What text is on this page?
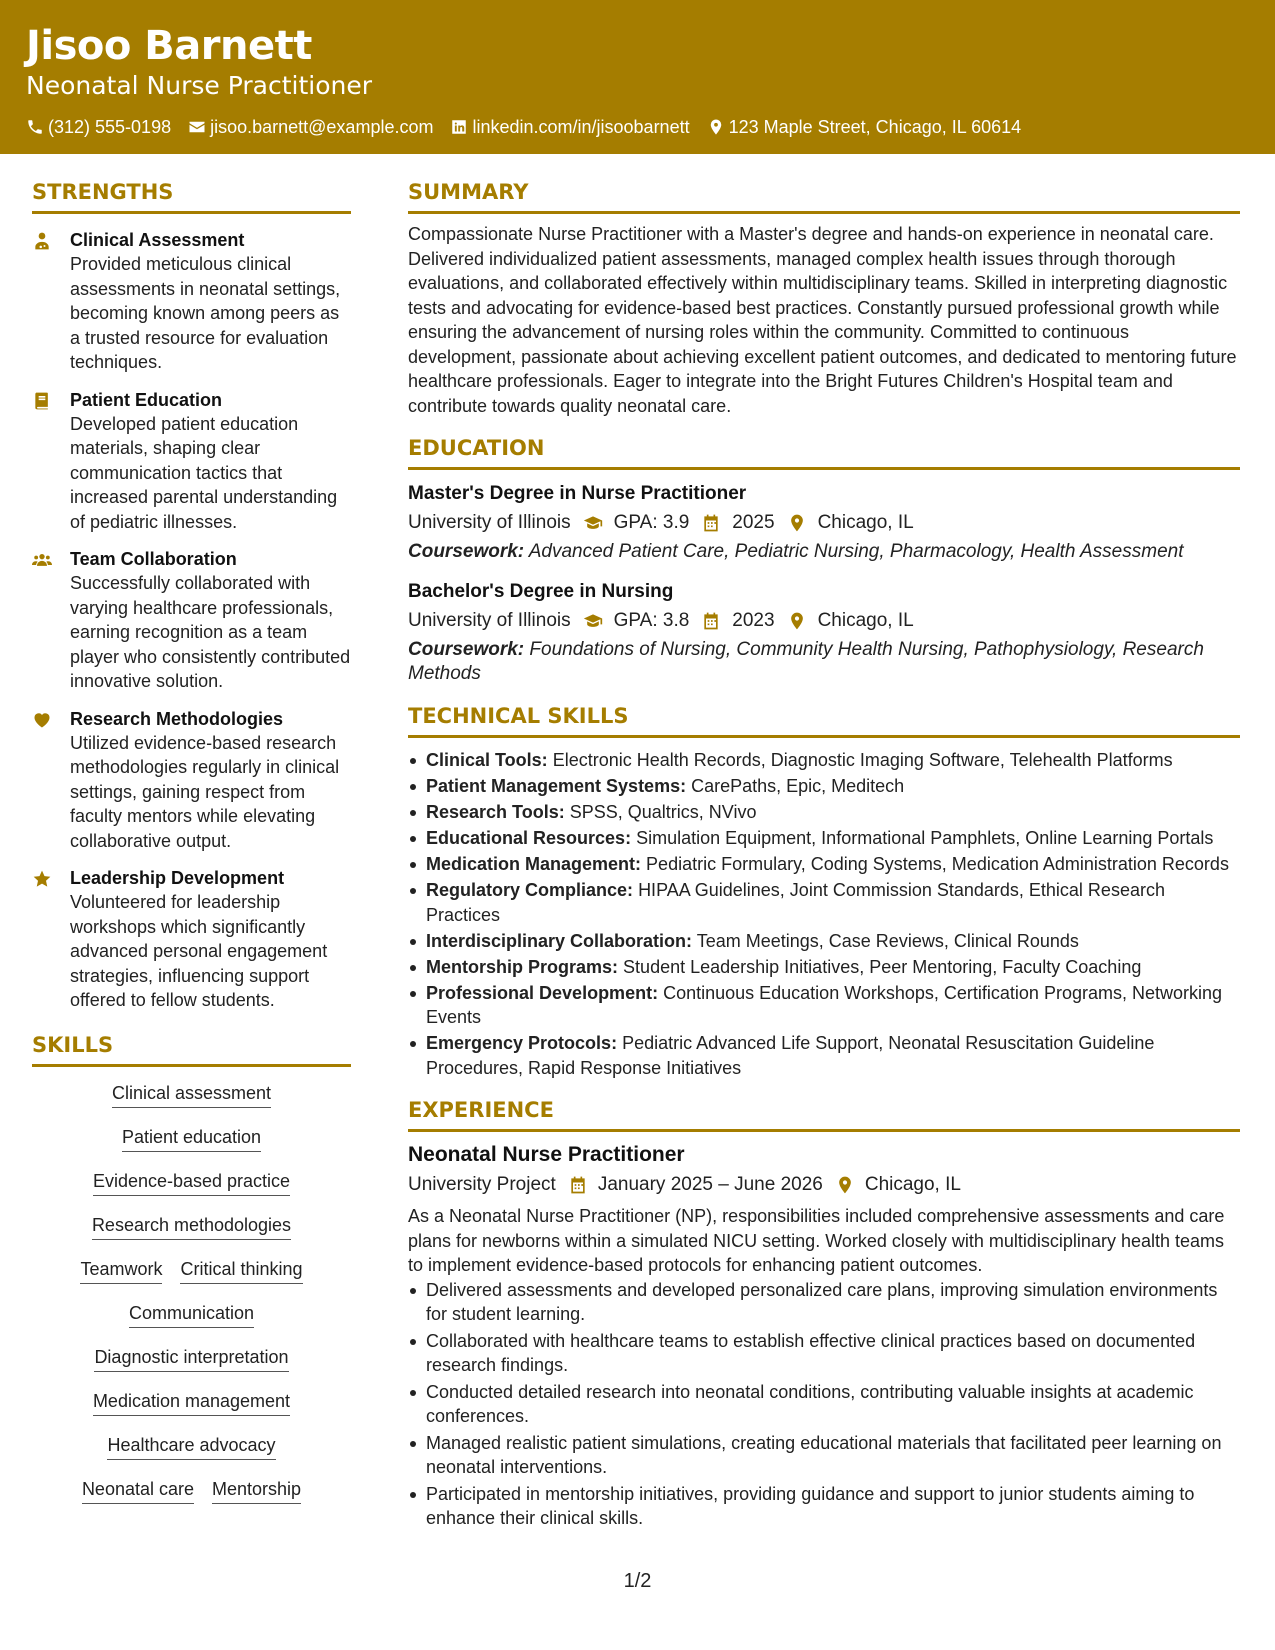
Jisoo Barnett
Neonatal Nurse Practitioner
(312) 555-0198 jisoo.barnett@example.com linkedin.com/in/jisoobarnett 123 Maple Street, Chicago, IL 60614
STRENGTHS
Clinical Assessment
Provided meticulous clinical assessments in neonatal settings, becoming known among peers as a trusted resource for evaluation techniques.
Patient Education
Developed patient education materials, shaping clear communication tactics that increased parental understanding of pediatric illnesses.
Team Collaboration
Successfully collaborated with varying healthcare professionals, earning recognition as a team player who consistently contributed innovative solution.
Research Methodologies
Utilized evidence-based research methodologies regularly in clinical settings, gaining respect from faculty mentors while elevating collaborative output.
Leadership Development
Volunteered for leadership workshops which significantly advanced personal engagement strategies, influencing support offered to fellow students.
SKILLS
Clinical assessment
Patient education
Evidence-based practice
Research methodologies
Teamwork Critical thinking
Communication
Diagnostic interpretation
Medication management
Healthcare advocacy
Neonatal care Mentorship
SUMMARY
Compassionate Nurse Practitioner with a Master's degree and hands-on experience in neonatal care. Delivered individualized patient assessments, managed complex health issues through thorough evaluations, and collaborated effectively within multidisciplinary teams. Skilled in interpreting diagnostic tests and advocating for evidence-based best practices. Constantly pursued professional growth while ensuring the advancement of nursing roles within the community. Committed to continuous development, passionate about achieving excellent patient outcomes, and dedicated to mentoring future healthcare professionals. Eager to integrate into the Bright Futures Children's Hospital team and contribute towards quality neonatal care.
EDUCATION
Master's Degree in Nurse Practitioner
University of Illinois GPA: 3.9 2025 Chicago, IL
Coursework: Advanced Patient Care, Pediatric Nursing, Pharmacology, Health Assessment
Bachelor's Degree in Nursing
University of Illinois GPA: 3.8 2023 Chicago, IL
Coursework: Foundations of Nursing, Community Health Nursing, Pathophysiology, Research Methods
TECHNICAL SKILLS
Clinical Tools: Electronic Health Records, Diagnostic Imaging Software, Telehealth Platforms
Patient Management Systems: CarePaths, Epic, Meditech
Research Tools: SPSS, Qualtrics, NVivo
Educational Resources: Simulation Equipment, Informational Pamphlets, Online Learning Portals
Medication Management: Pediatric Formulary, Coding Systems, Medication Administration Records
Regulatory Compliance: HIPAA Guidelines, Joint Commission Standards, Ethical Research Practices
Interdisciplinary Collaboration: Team Meetings, Case Reviews, Clinical Rounds
Mentorship Programs: Student Leadership Initiatives, Peer Mentoring, Faculty Coaching
Professional Development: Continuous Education Workshops, Certification Programs, Networking Events
Emergency Protocols: Pediatric Advanced Life Support, Neonatal Resuscitation Guideline Procedures, Rapid Response Initiatives
EXPERIENCE
Neonatal Nurse Practitioner
University Project January 2025 – June 2026 Chicago, IL
As a Neonatal Nurse Practitioner (NP), responsibilities included comprehensive assessments and care plans for newborns within a simulated NICU setting. Worked closely with multidisciplinary health teams to implement evidence-based protocols for enhancing patient outcomes.
Delivered assessments and developed personalized care plans, improving simulation environments for student learning.
Collaborated with healthcare teams to establish effective clinical practices based on documented research findings.
Conducted detailed research into neonatal conditions, contributing valuable insights at academic conferences.
Managed realistic patient simulations, creating educational materials that facilitated peer learning on neonatal interventions.
Participated in mentorship initiatives, providing guidance and support to junior students aiming to enhance their clinical skills.
1/2
